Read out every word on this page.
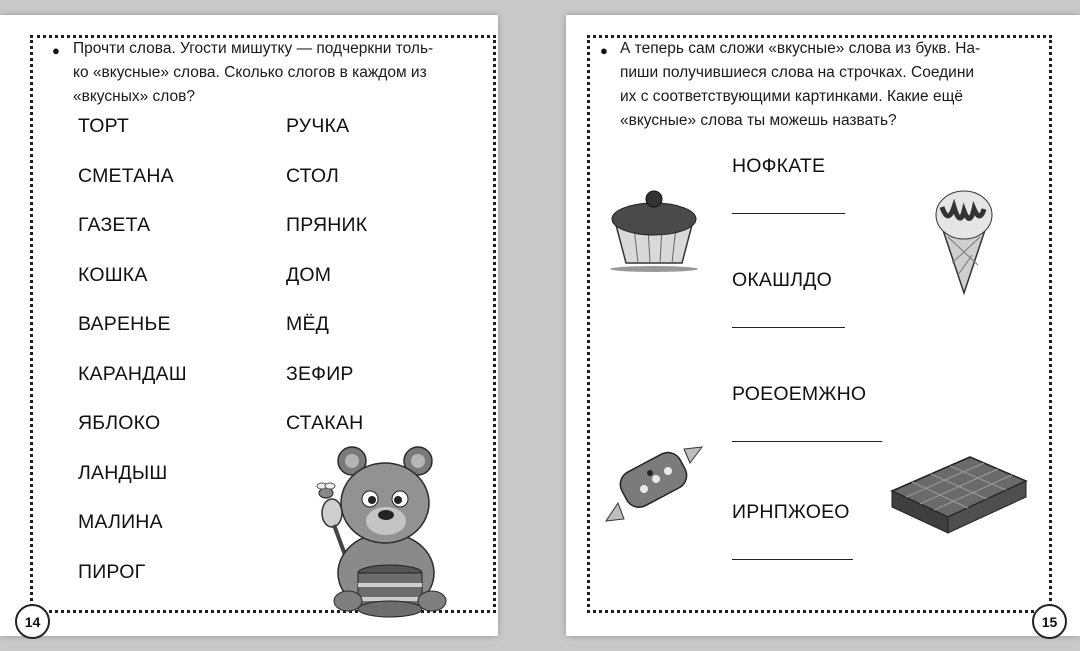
● Прочти слова. Угости мишутку — подчеркни толь-
ко «вкусные» слова. Сколько слогов в каждом из
«вкусных» слов?
ТОРТ
СМЕТАНА
ГАЗЕТА
КОШКА
ВАРЕНЬЕ
КАРАНДАШ
ЯБЛОКО
ЛАНДЫШ
МАЛИНА
ПИРОГ
РУЧКА
СТОЛ
ПРЯНИК
ДОМ
МЁД
ЗЕФИР
СТАКАН
14
● А теперь сам сложи «вкусные» слова из букв. На-
пиши получившиеся слова на строчках. Соедини
их с соответствующими картинками. Какие ещё
«вкусные» слова ты можешь назвать?
НОФКАТЕ
ОКАШЛДО
РОЕОЕМЖНО
ИРНПЖОЕО
15
